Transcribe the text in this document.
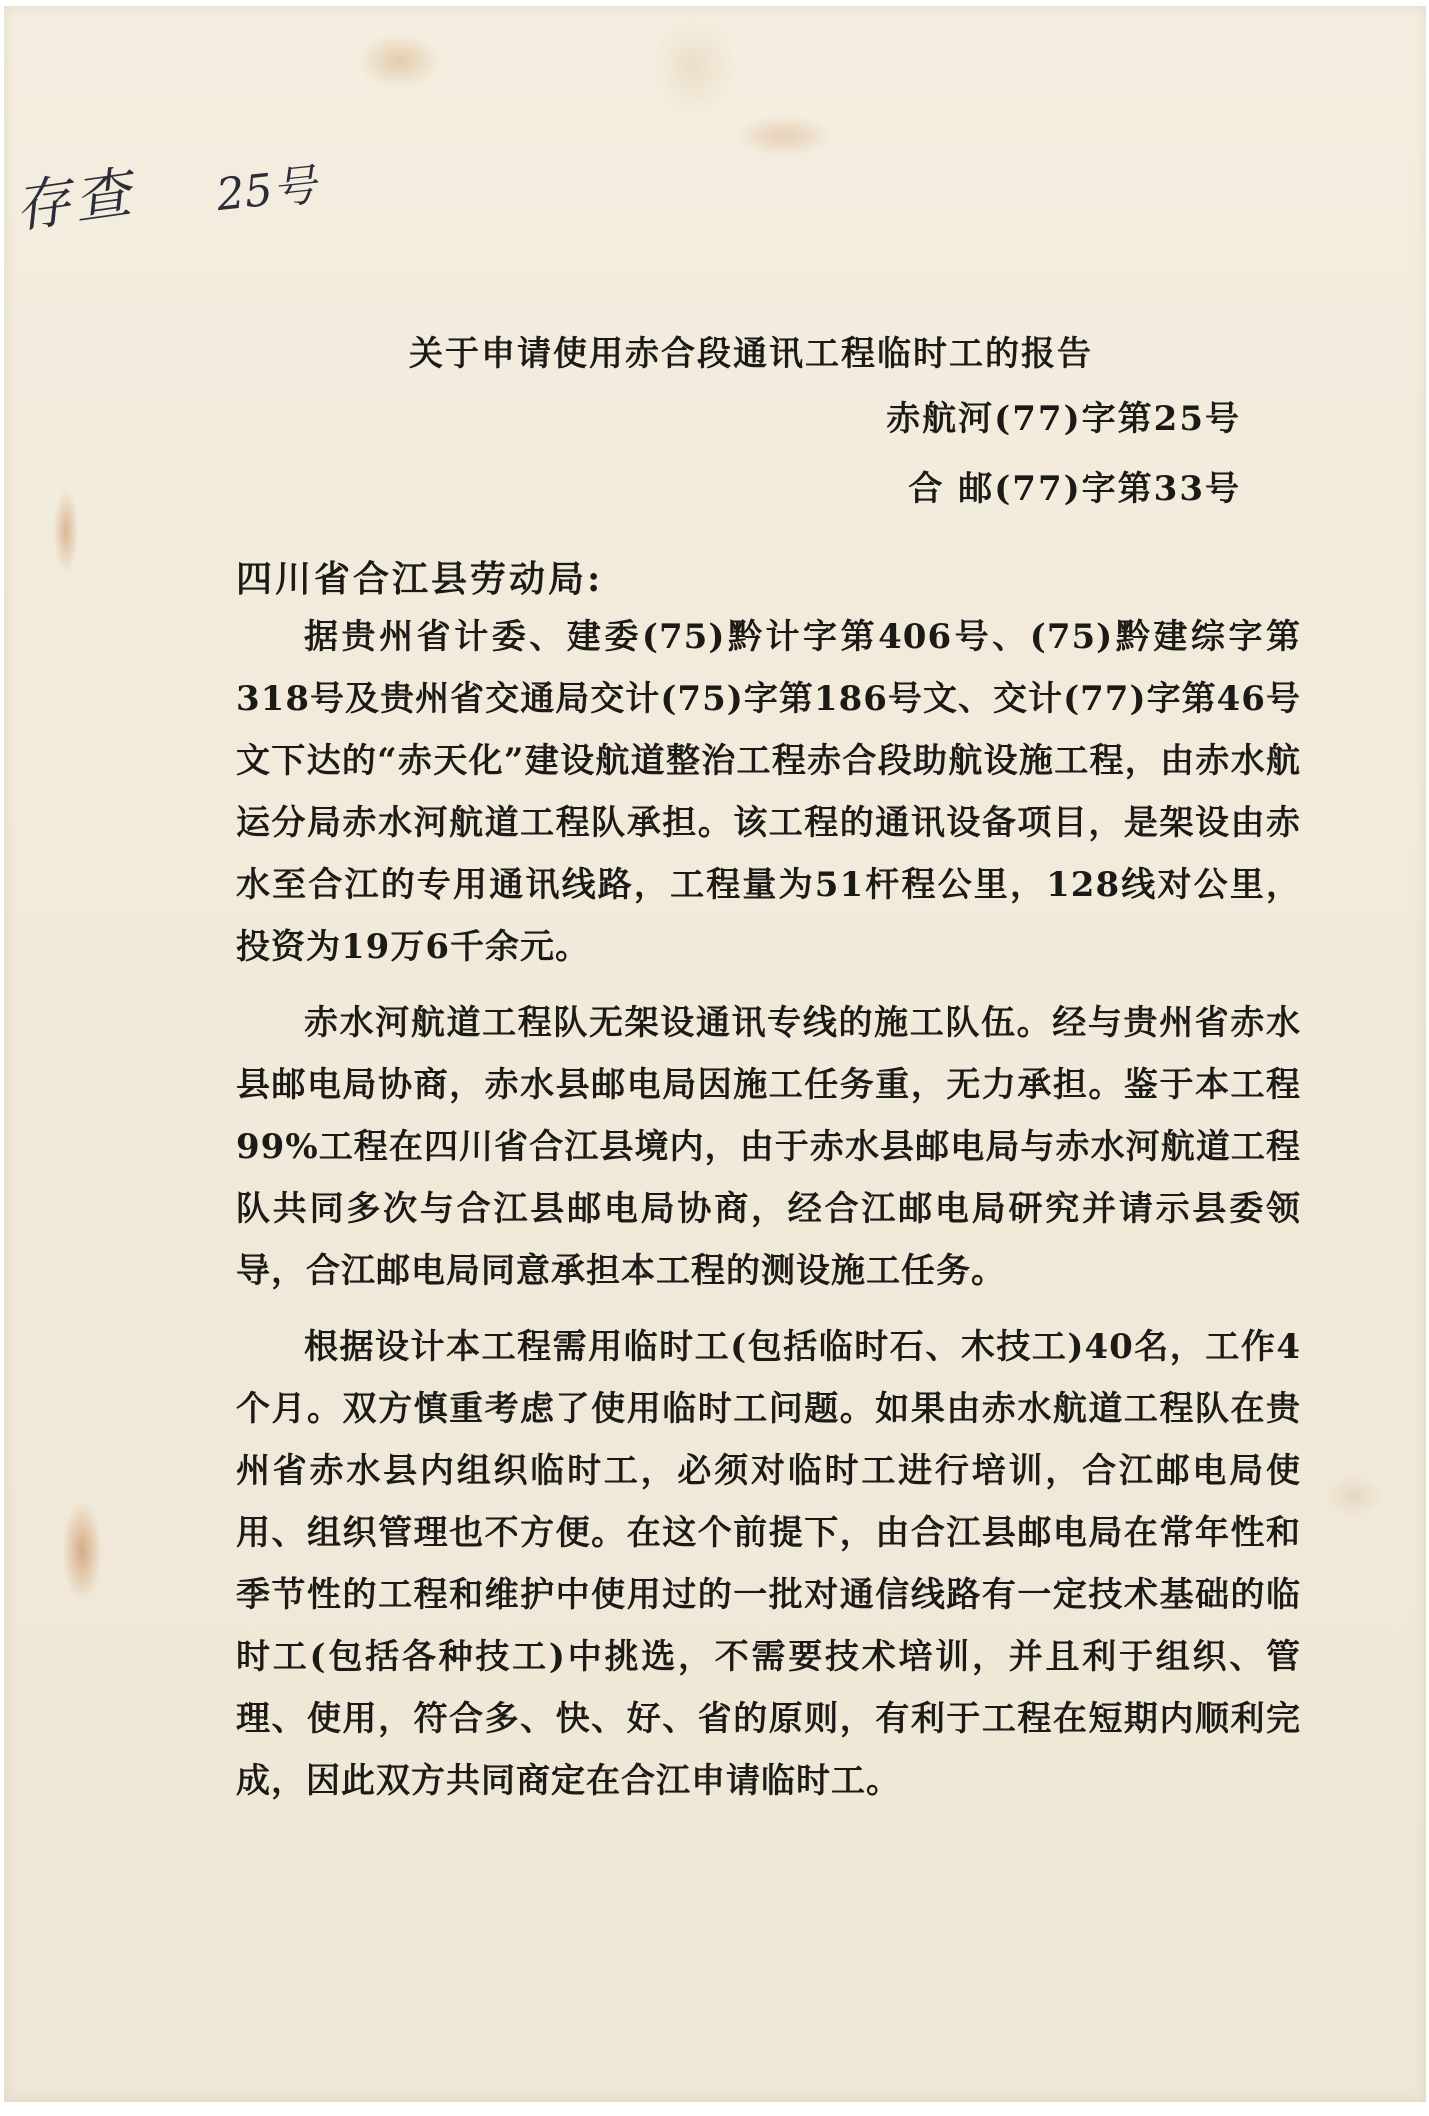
存查 25号
关于申请使用赤合段通讯工程临时工的报告
赤航河(77)字第25号
合 邮(77)字第33号
四川省合江县劳动局:

据贵州省计委、建委(75)黔计字第406号、(75)黔建综字第318号及贵州省交通局交计(75)字第186号文、交计(77)字第46号文下达的“赤天化”建设航道整治工程赤合段助航设施工程，由赤水航运分局赤水河航道工程队承担。该工程的通讯设备项目，是架设由赤水至合江的专用通讯线路，工程量为51杆程公里，128线对公里，投资为19万6千余元。

赤水河航道工程队无架设通讯专线的施工队伍。经与贵州省赤水县邮电局协商，赤水县邮电局因施工任务重，无力承担。鉴于本工程99%工程在四川省合江县境内，由于赤水县邮电局与赤水河航道工程队共同多次与合江县邮电局协商，经合江邮电局研究并请示县委领导，合江邮电局同意承担本工程的测设施工任务。

根据设计本工程需用临时工(包括临时石、木技工)40名，工作4个月。双方慎重考虑了使用临时工问题。如果由赤水航道工程队在贵州省赤水县内组织临时工，必须对临时工进行培训，合江邮电局使用、组织管理也不方便。在这个前提下，由合江县邮电局在常年性和季节性的工程和维护中使用过的一批对通信线路有一定技术基础的临时工(包括各种技工)中挑选，不需要技术培训，并且利于组织、管理、使用，符合多、快、好、省的原则，有利于工程在短期内顺利完成，因此双方共同商定在合江申请临时工。
